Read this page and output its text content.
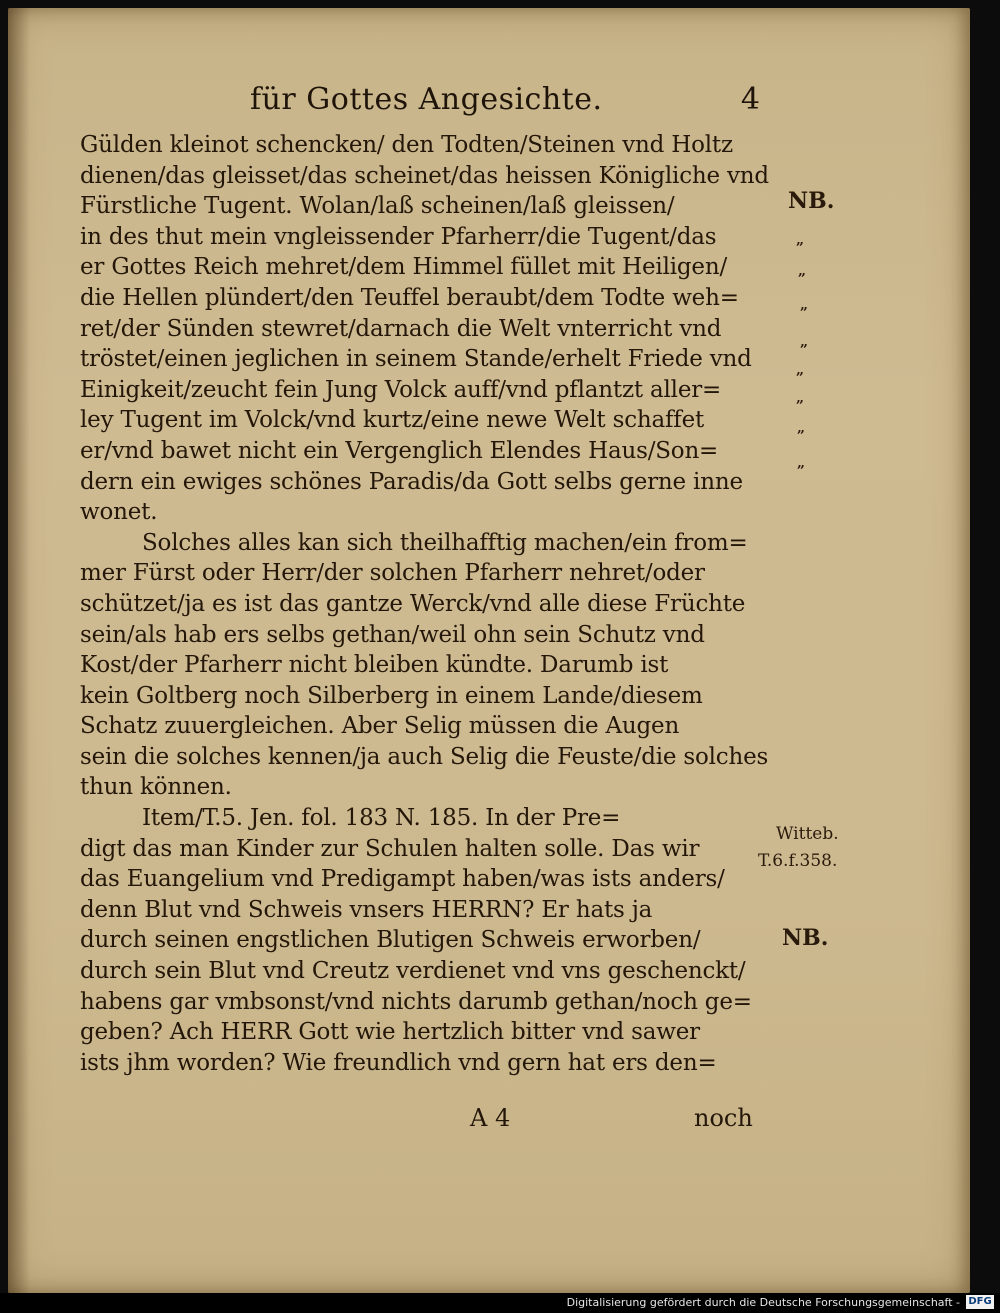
für Gottes Angesichte.	4
Gülden kleinot schencken/ den Todten/Steinen vnd Holtz
dienen/das gleisset/das scheinet/das heissen Königliche vnd
Fürstliche Tugent. Wolan/laß scheinen/laß gleissen/
in des thut mein vngleissender Pfarherr/die Tugent/das
er Gottes Reich mehret/dem Himmel füllet mit Heiligen/
die Hellen plündert/den Teuffel beraubt/dem Todte weh=
ret/der Sünden stewret/darnach die Welt vnterricht vnd
tröstet/einen jeglichen in seinem Stande/erhelt Friede vnd
Einigkeit/zeucht fein Jung Volck auff/vnd pflantzt aller=
ley Tugent im Volck/vnd kurtz/eine newe Welt schaffet
er/vnd bawet nicht ein Vergenglich Elendes Haus/Son=
dern ein ewiges schönes Paradis/da Gott selbs gerne inne
wonet.
Solches alles kan sich theilhafftig machen/ein from=
mer Fürst oder Herr/der solchen Pfarherr nehret/oder
schützet/ja es ist das gantze Werck/vnd alle diese Früchte
sein/als hab ers selbs gethan/weil ohn sein Schutz vnd
Kost/der Pfarherr nicht bleiben kündte. Darumb ist
kein Goltberg noch Silberberg in einem Lande/diesem
Schatz zuuergleichen. Aber Selig müssen die Augen
sein die solches kennen/ja auch Selig die Feuste/die solches
thun können.
Item/T.5. Jen. fol. 183 N. 185. In der Pre=
digt das man Kinder zur Schulen halten solle. Das wir
das Euangelium vnd Predigampt haben/was ists anders/
denn Blut vnd Schweis vnsers HERRN? Er hats ja
durch seinen engstlichen Blutigen Schweis erworben/
durch sein Blut vnd Creutz verdienet vnd vns geschenckt/
habens gar vmbsonst/vnd nichts darumb gethan/noch ge=
geben? Ach HERR Gott wie hertzlich bitter vnd sawer
ists jhm worden? Wie freundlich vnd gern hat ers den=
NB.
„
„
„
„
„
„
„
„
Witteb.
T.6.f.358.
NB.
A 4	noch
Digitalisierung gefördert durch die Deutsche Forschungsgemeinschaft - DFG
